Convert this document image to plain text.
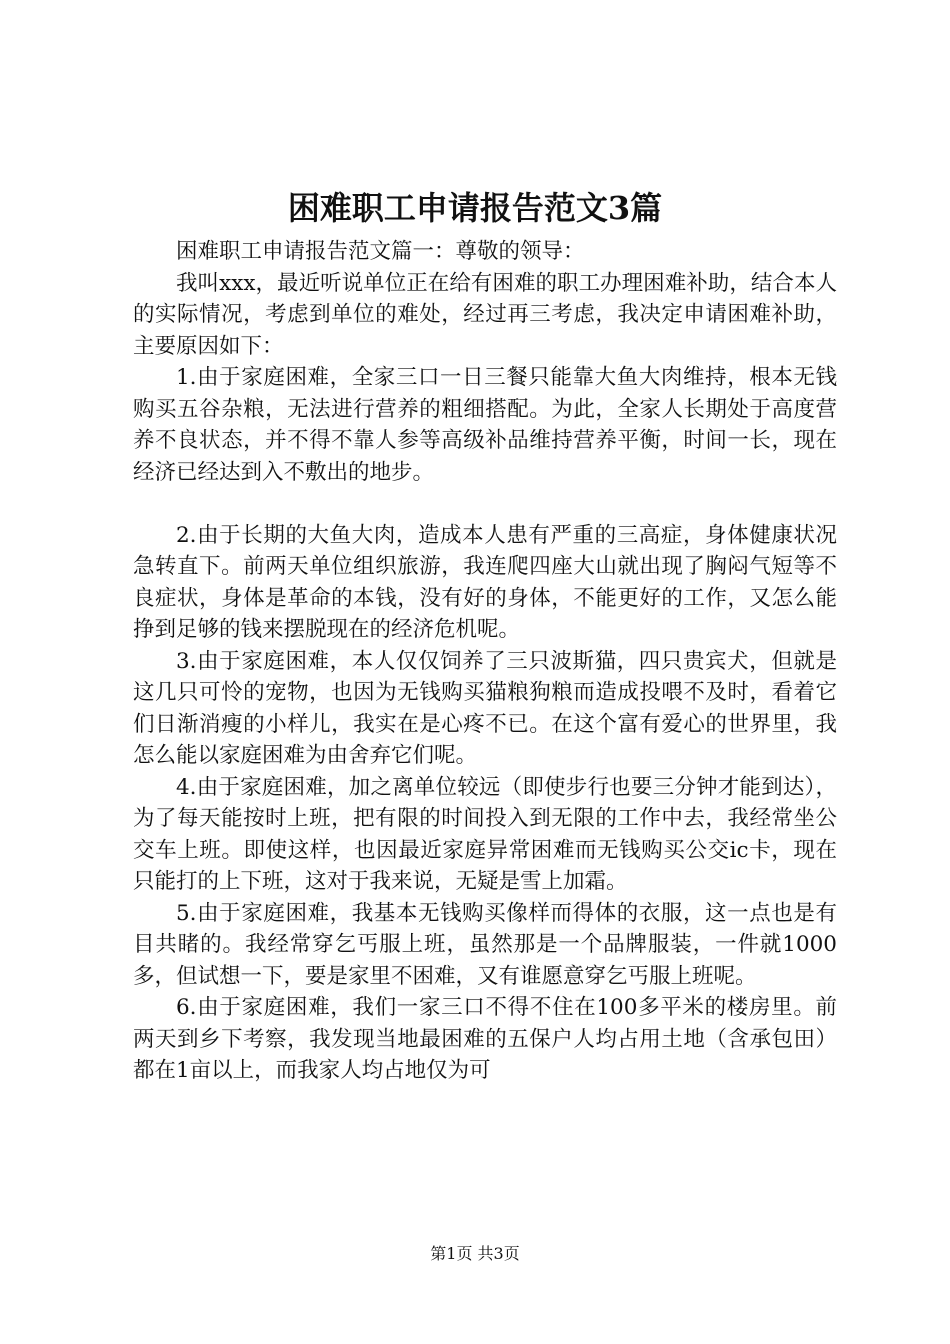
困难职工申请报告范文3篇

困难职工申请报告范文篇一：尊敬的领导：

我叫xxx，最近听说单位正在给有困难的职工办理困难补助，结合本人的实际情况，考虑到单位的难处，经过再三考虑，我决定申请困难补助，主要原因如下：

1.由于家庭困难，全家三口一日三餐只能靠大鱼大肉维持，根本无钱购买五谷杂粮，无法进行营养的粗细搭配。为此，全家人长期处于高度营养不良状态，并不得不靠人参等高级补品维持营养平衡，时间一长，现在经济已经达到入不敷出的地步。

2.由于长期的大鱼大肉，造成本人患有严重的三高症，身体健康状况急转直下。前两天单位组织旅游，我连爬四座大山就出现了胸闷气短等不良症状，身体是革命的本钱，没有好的身体，不能更好的工作，又怎么能挣到足够的钱来摆脱现在的经济危机呢。

3.由于家庭困难，本人仅仅饲养了三只波斯猫，四只贵宾犬，但就是这几只可怜的宠物，也因为无钱购买猫粮狗粮而造成投喂不及时，看着它们日渐消瘦的小样儿，我实在是心疼不已。在这个富有爱心的世界里，我怎么能以家庭困难为由舍弃它们呢。

4.由于家庭困难，加之离单位较远（即使步行也要三分钟才能到达），为了每天能按时上班，把有限的时间投入到无限的工作中去，我经常坐公交车上班。即使这样，也因最近家庭异常困难而无钱购买公交ic卡，现在只能打的上下班，这对于我来说，无疑是雪上加霜。

5.由于家庭困难，我基本无钱购买像样而得体的衣服，这一点也是有目共睹的。我经常穿乞丐服上班，虽然那是一个品牌服装，一件就1000多，但试想一下，要是家里不困难，又有谁愿意穿乞丐服上班呢。

6.由于家庭困难，我们一家三口不得不住在100多平米的楼房里。前两天到乡下考察，我发现当地最困难的五保户人均占用土地（含承包田）都在1亩以上，而我家人均占地仅为可

第1页 共3页
